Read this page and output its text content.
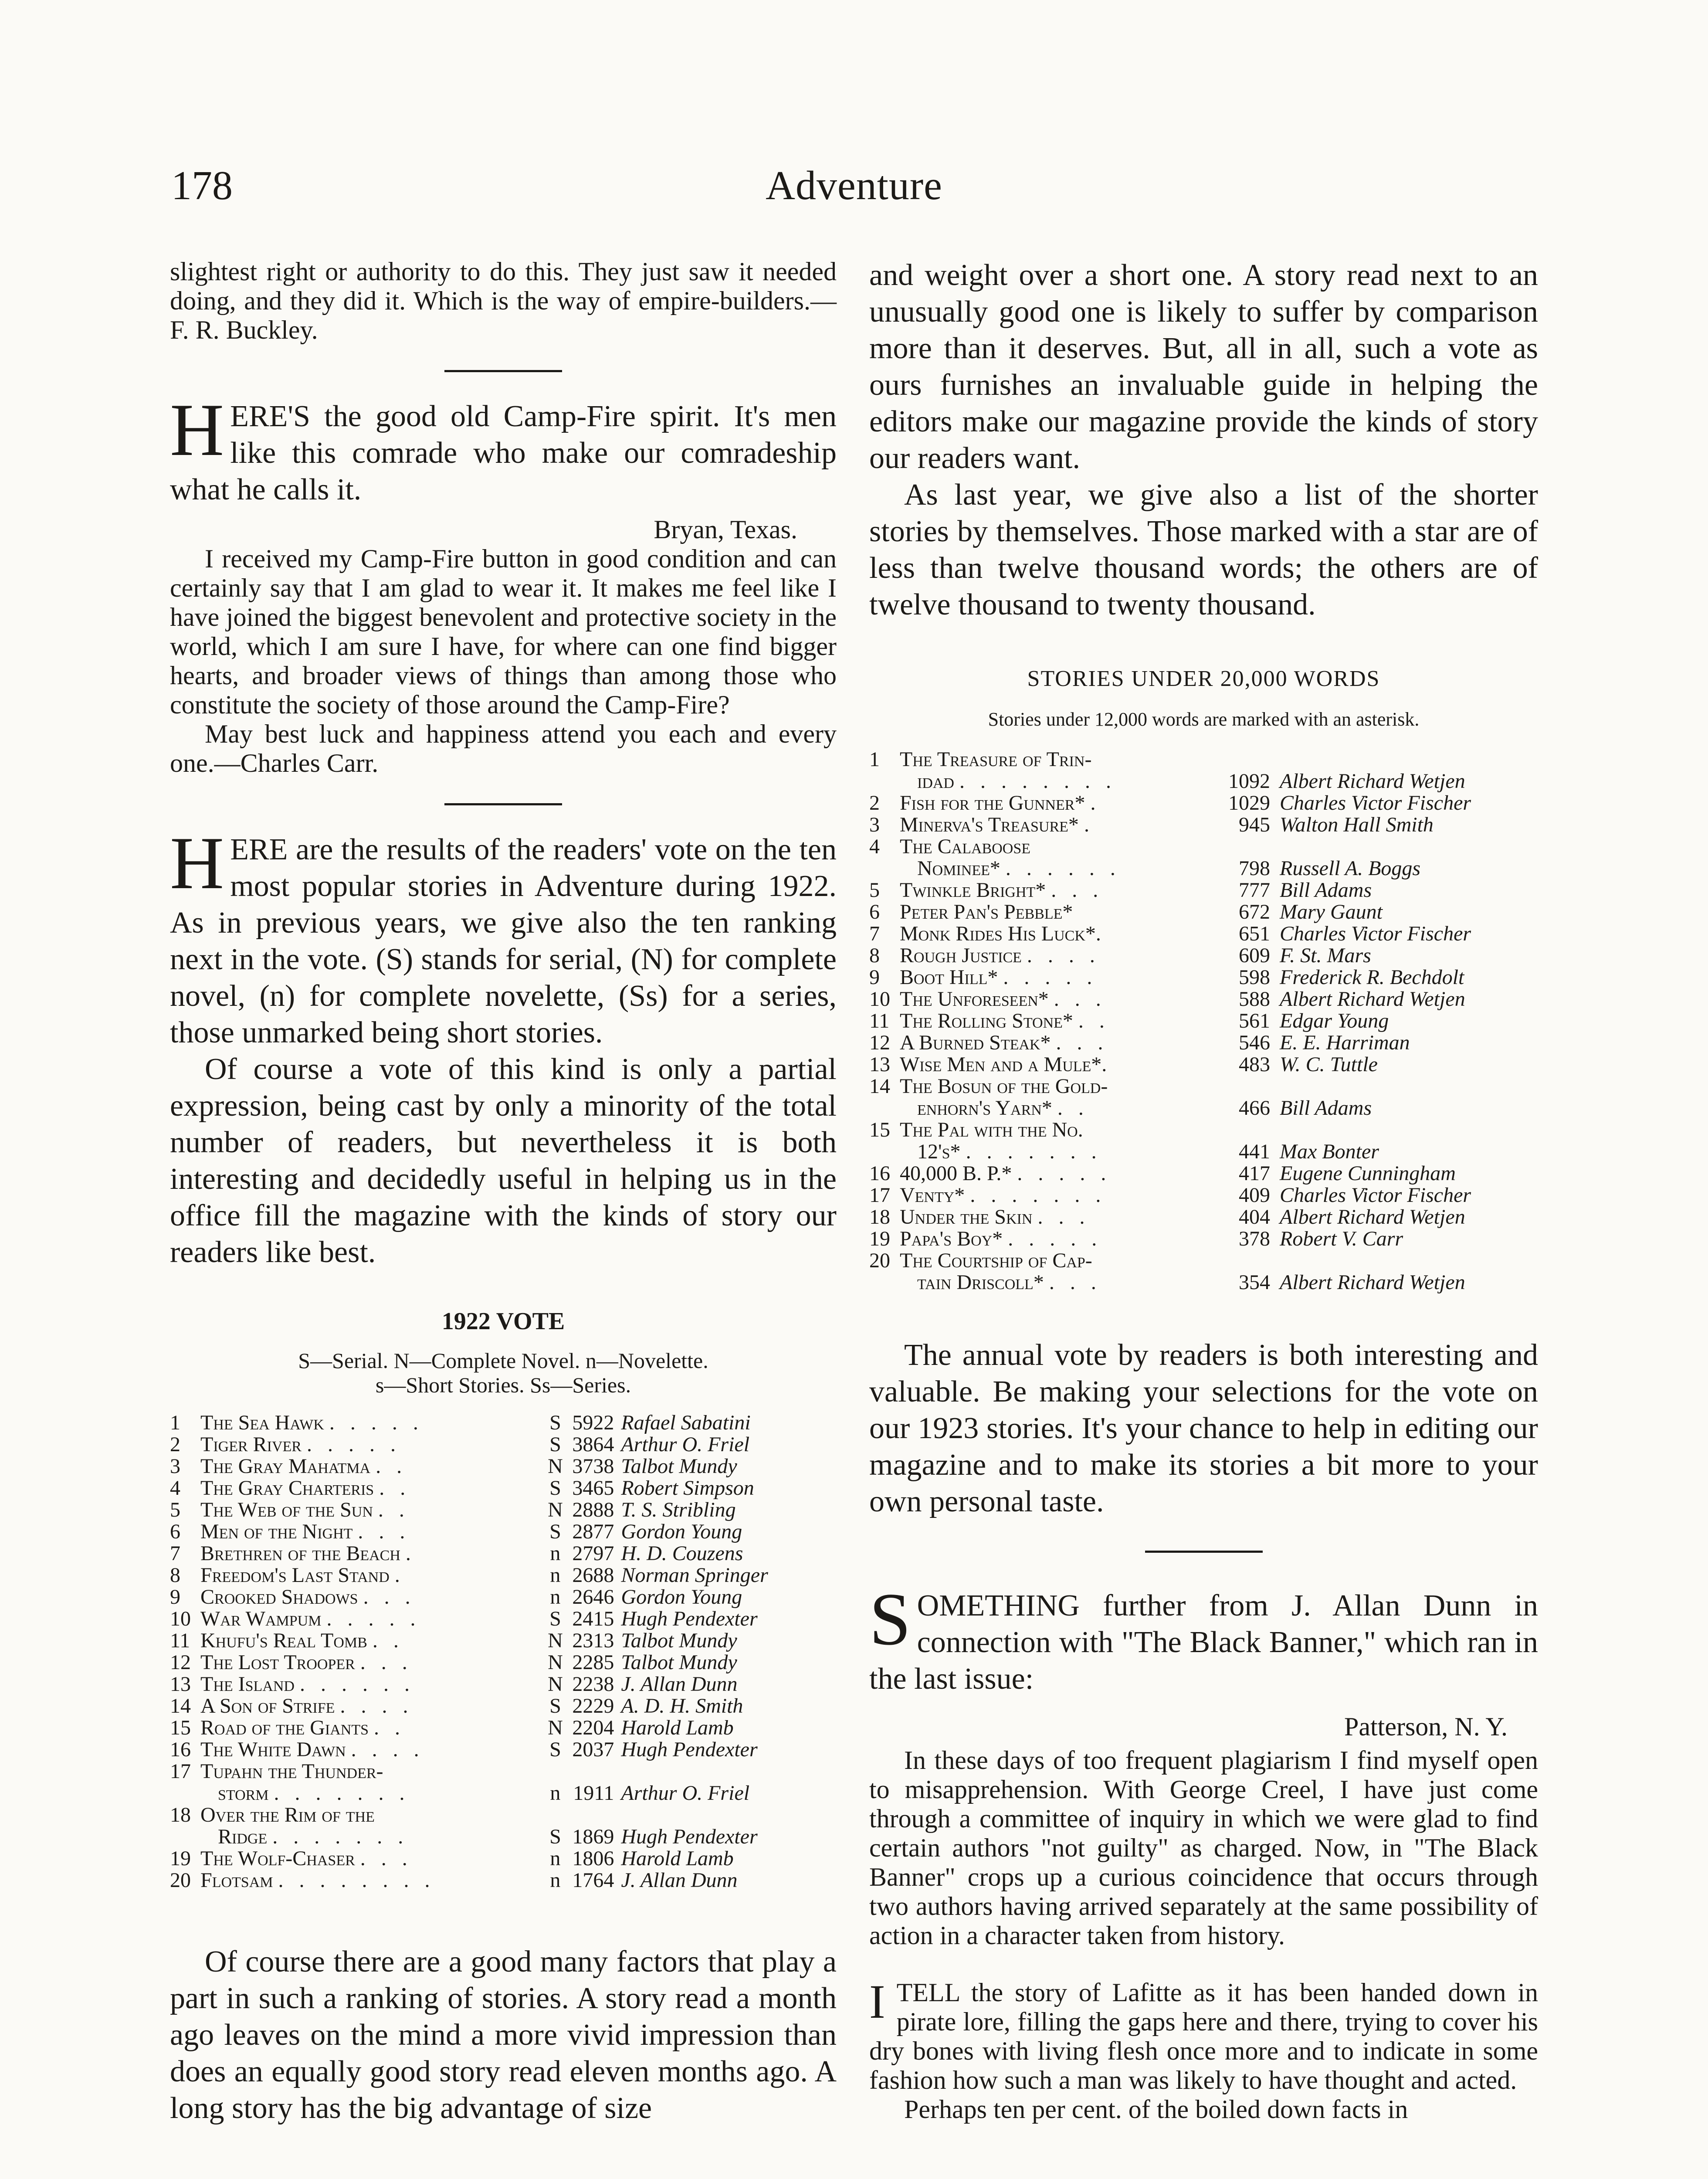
178	Adventure

slightest right or authority to do this. They just saw it needed doing, and they did it. Which is the way of empire-builders.—F. R. Buckley.

HERE'S the good old Camp-Fire spirit. It's men like this comrade who make our comradeship what he calls it.

Bryan, Texas.

I received my Camp-Fire button in good condition and can certainly say that I am glad to wear it. It makes me feel like I have joined the biggest benevolent and protective society in the world, which I am sure I have, for where can one find bigger hearts, and broader views of things than among those who constitute the society of those around the Camp-Fire?

May best luck and happiness attend you each and every one.—Charles Carr.

HERE are the results of the readers' vote on the ten most popular stories in Adventure during 1922. As in previous years, we give also the ten ranking next in the vote. (S) stands for serial, (N) for complete novel, (n) for complete novelette, (Ss) for a series, those unmarked being short stories.

Of course a vote of this kind is only a partial expression, being cast by only a minority of the total number of readers, but nevertheless it is both interesting and decidedly useful in helping us in the office fill the magazine with the kinds of story our readers like best.

1922 VOTE
S—Serial. N—Complete Novel. n—Novelette.
s—Short Stories. Ss—Series.
1	The Sea Hawk . . . . .	S	5922	Rafael Sabatini
2	Tiger River . . . . .	S	3864	Arthur O. Friel
3	The Gray Mahatma . .	N	3738	Talbot Mundy
4	The Gray Charteris . .	S	3465	Robert Simpson
5	The Web of the Sun . .	N	2888	T. S. Stribling
6	Men of the Night . . .	S	2877	Gordon Young
7	Brethren of the Beach .	n	2797	H. D. Couzens
8	Freedom's Last Stand .	n	2688	Norman Springer
9	Crooked Shadows . . .	n	2646	Gordon Young
10	War Wampum . . . . .	S	2415	Hugh Pendexter
11	Khufu's Real Tomb . .	N	2313	Talbot Mundy
12	The Lost Trooper . . .	N	2285	Talbot Mundy
13	The Island . . . . . .	N	2238	J. Allan Dunn
14	A Son of Strife . . . .	S	2229	A. D. H. Smith
15	Road of the Giants . .	N	2204	Harold Lamb
16	The White Dawn . . . .	S	2037	Hugh Pendexter
17	Tupahn the Thunder-
storm . . . . . . .	n	1911	Arthur O. Friel
18	Over the Rim of the
Ridge . . . . . . .	S	1869	Hugh Pendexter
19	The Wolf-Chaser . . .	n	1806	Harold Lamb
20	Flotsam . . . . . . . .	n	1764	J. Allan Dunn

Of course there are a good many factors that play a part in such a ranking of stories. A story read a month ago leaves on the mind a more vivid impression than does an equally good story read eleven months ago. A long story has the big advantage of size

and weight over a short one. A story read next to an unusually good one is likely to suffer by comparison more than it deserves. But, all in all, such a vote as ours furnishes an invaluable guide in helping the editors make our magazine provide the kinds of story our readers want.

As last year, we give also a list of the shorter stories by themselves. Those marked with a star are of less than twelve thousand words; the others are of twelve thousand to twenty thousand.

STORIES UNDER 20,000 WORDS
Stories under 12,000 words are marked with an asterisk.
1	The Treasure of Trin-
idad . . . . . . . .	1092	Albert Richard Wetjen
2	Fish for the Gunner* .	1029	Charles Victor Fischer
3	Minerva's Treasure* .	945	Walton Hall Smith
4	The Calaboose
Nominee* . . . . . .	798	Russell A. Boggs
5	Twinkle Bright* . . .	777	Bill Adams
6	Peter Pan's Pebble*	672	Mary Gaunt
7	Monk Rides His Luck*.	651	Charles Victor Fischer
8	Rough Justice . . . .	609	F. St. Mars
9	Boot Hill* . . . . .	598	Frederick R. Bechdolt
10	The Unforeseen* . . .	588	Albert Richard Wetjen
11	The Rolling Stone* . .	561	Edgar Young
12	A Burned Steak* . . .	546	E. E. Harriman
13	Wise Men and a Mule*.	483	W. C. Tuttle
14	The Bosun of the Gold-
enhorn's Yarn* . .	466	Bill Adams
15	The Pal with the No.
12's* . . . . . . .	441	Max Bonter
16	40,000 B. P.* . . . . .	417	Eugene Cunningham
17	Venty* . . . . . . .	409	Charles Victor Fischer
18	Under the Skin . . .	404	Albert Richard Wetjen
19	Papa's Boy* . . . . .	378	Robert V. Carr
20	The Courtship of Cap-
tain Driscoll* . . .	354	Albert Richard Wetjen

The annual vote by readers is both interesting and valuable. Be making your selections for the vote on our 1923 stories. It's your chance to help in editing our magazine and to make its stories a bit more to your own personal taste.

SOMETHING further from J. Allan Dunn in connection with "The Black Banner," which ran in the last issue:

Patterson, N. Y.

In these days of too frequent plagiarism I find myself open to misapprehension. With George Creel, I have just come through a committee of inquiry in which we were glad to find certain authors "not guilty" as charged. Now, in "The Black Banner" crops up a curious coincidence that occurs through two authors having arrived separately at the same possibility of action in a character taken from history.

ITELL the story of Lafitte as it has been handed down in pirate lore, filling the gaps here and there, trying to cover his dry bones with living flesh once more and to indicate in some fashion how such a man was likely to have thought and acted.

Perhaps ten per cent. of the boiled down facts in
